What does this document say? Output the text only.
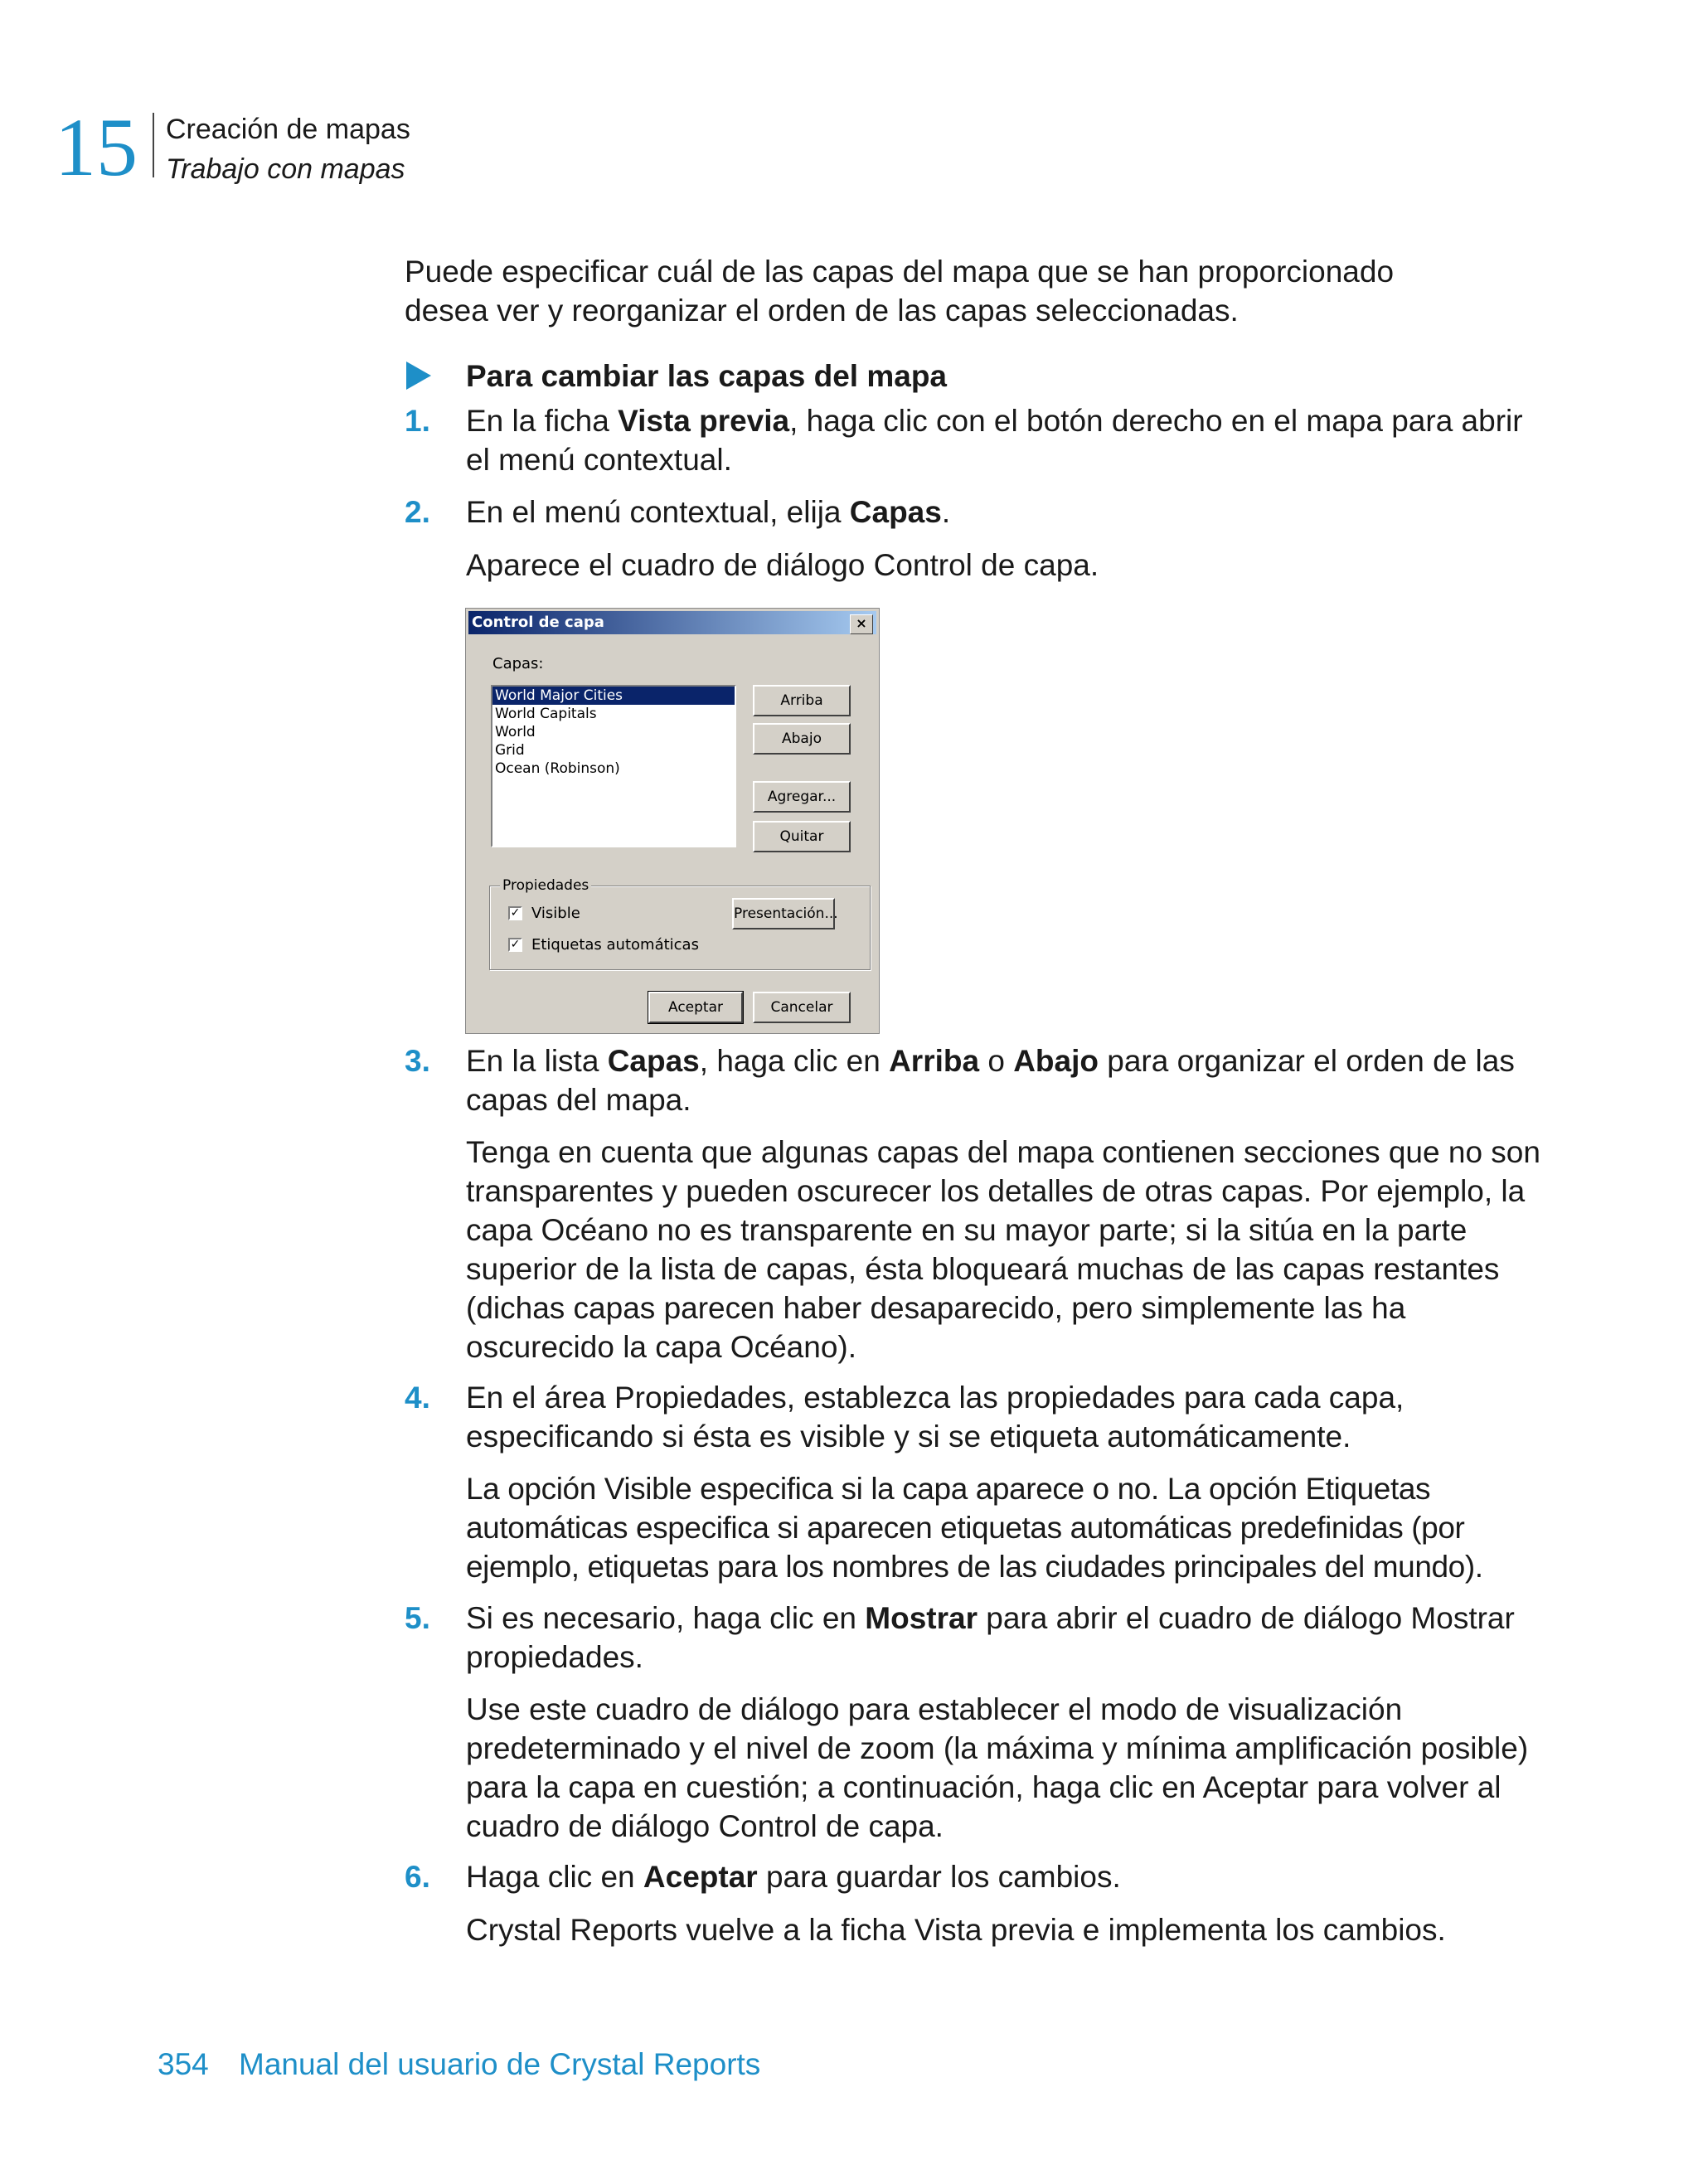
15 Creación de mapas
Trabajo con mapas

Puede especificar cuál de las capas del mapa que se han proporcionado desea ver y reorganizar el orden de las capas seleccionadas.

Para cambiar las capas del mapa
1. En la ficha Vista previa, haga clic con el botón derecho en el mapa para abrir el menú contextual.

2. En el menú contextual, elija Capas.

Aparece el cuadro de diálogo Control de capa.

Control de capa	×
Capas:
World Major Cities
World Capitals
World
Grid
Ocean (Robinson)
Arriba
Abajo
Agregar...
Quitar
Propiedades
✓ Visible
✓ Etiquetas automáticas
Presentación...
Aceptar	Cancelar
3. En la lista Capas, haga clic en Arriba o Abajo para organizar el orden de las capas del mapa.

Tenga en cuenta que algunas capas del mapa contienen secciones que no son transparentes y pueden oscurecer los detalles de otras capas. Por ejemplo, la capa Océano no es transparente en su mayor parte; si la sitúa en la parte superior de la lista de capas, ésta bloqueará muchas de las capas restantes (dichas capas parecen haber desaparecido, pero simplemente las ha oscurecido la capa Océano).

4. En el área Propiedades, establezca las propiedades para cada capa, especificando si ésta es visible y si se etiqueta automáticamente.

La opción Visible especifica si la capa aparece o no. La opción Etiquetas automáticas especifica si aparecen etiquetas automáticas predefinidas (por ejemplo, etiquetas para los nombres de las ciudades principales del mundo).

5. Si es necesario, haga clic en Mostrar para abrir el cuadro de diálogo Mostrar propiedades.

Use este cuadro de diálogo para establecer el modo de visualización predeterminado y el nivel de zoom (la máxima y mínima amplificación posible) para la capa en cuestión; a continuación, haga clic en Aceptar para volver al cuadro de diálogo Control de capa.

6. Haga clic en Aceptar para guardar los cambios.

Crystal Reports vuelve a la ficha Vista previa e implementa los cambios.

354 Manual del usuario de Crystal Reports
